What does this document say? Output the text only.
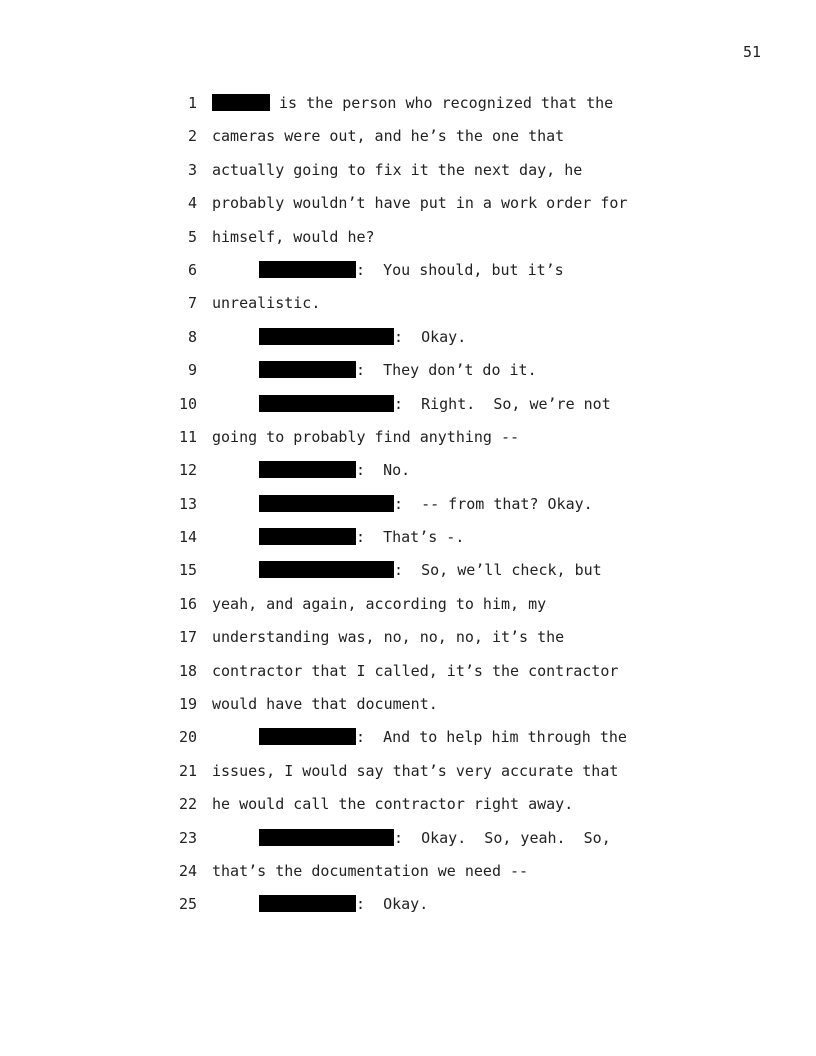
51

1

	is the person who recognized that the

2

cameras were out, and he’s the one that

3

actually going to fix it the next day, he

4

probably wouldn’t have put in a work order for

5

himself, would he?

6

	:  You should, but it’s

7

unrealistic.

8

	:  Okay.

9

	:  They don’t do it.

10

	:  Right.  So, we’re not

11

going to probably find anything --

12

	:  No.

13

	:  -- from that? Okay.

14

	:  That’s -.

15

	:  So, we’ll check, but

16

yeah, and again, according to him, my

17

understanding was, no, no, no, it’s the

18

contractor that I called, it’s the contractor

19

would have that document.

20

	:  And to help him through the

21

issues, I would say that’s very accurate that

22

he would call the contractor right away.

23

	:  Okay.  So, yeah.  So,

24

that’s the documentation we need --

25

	:  Okay.
